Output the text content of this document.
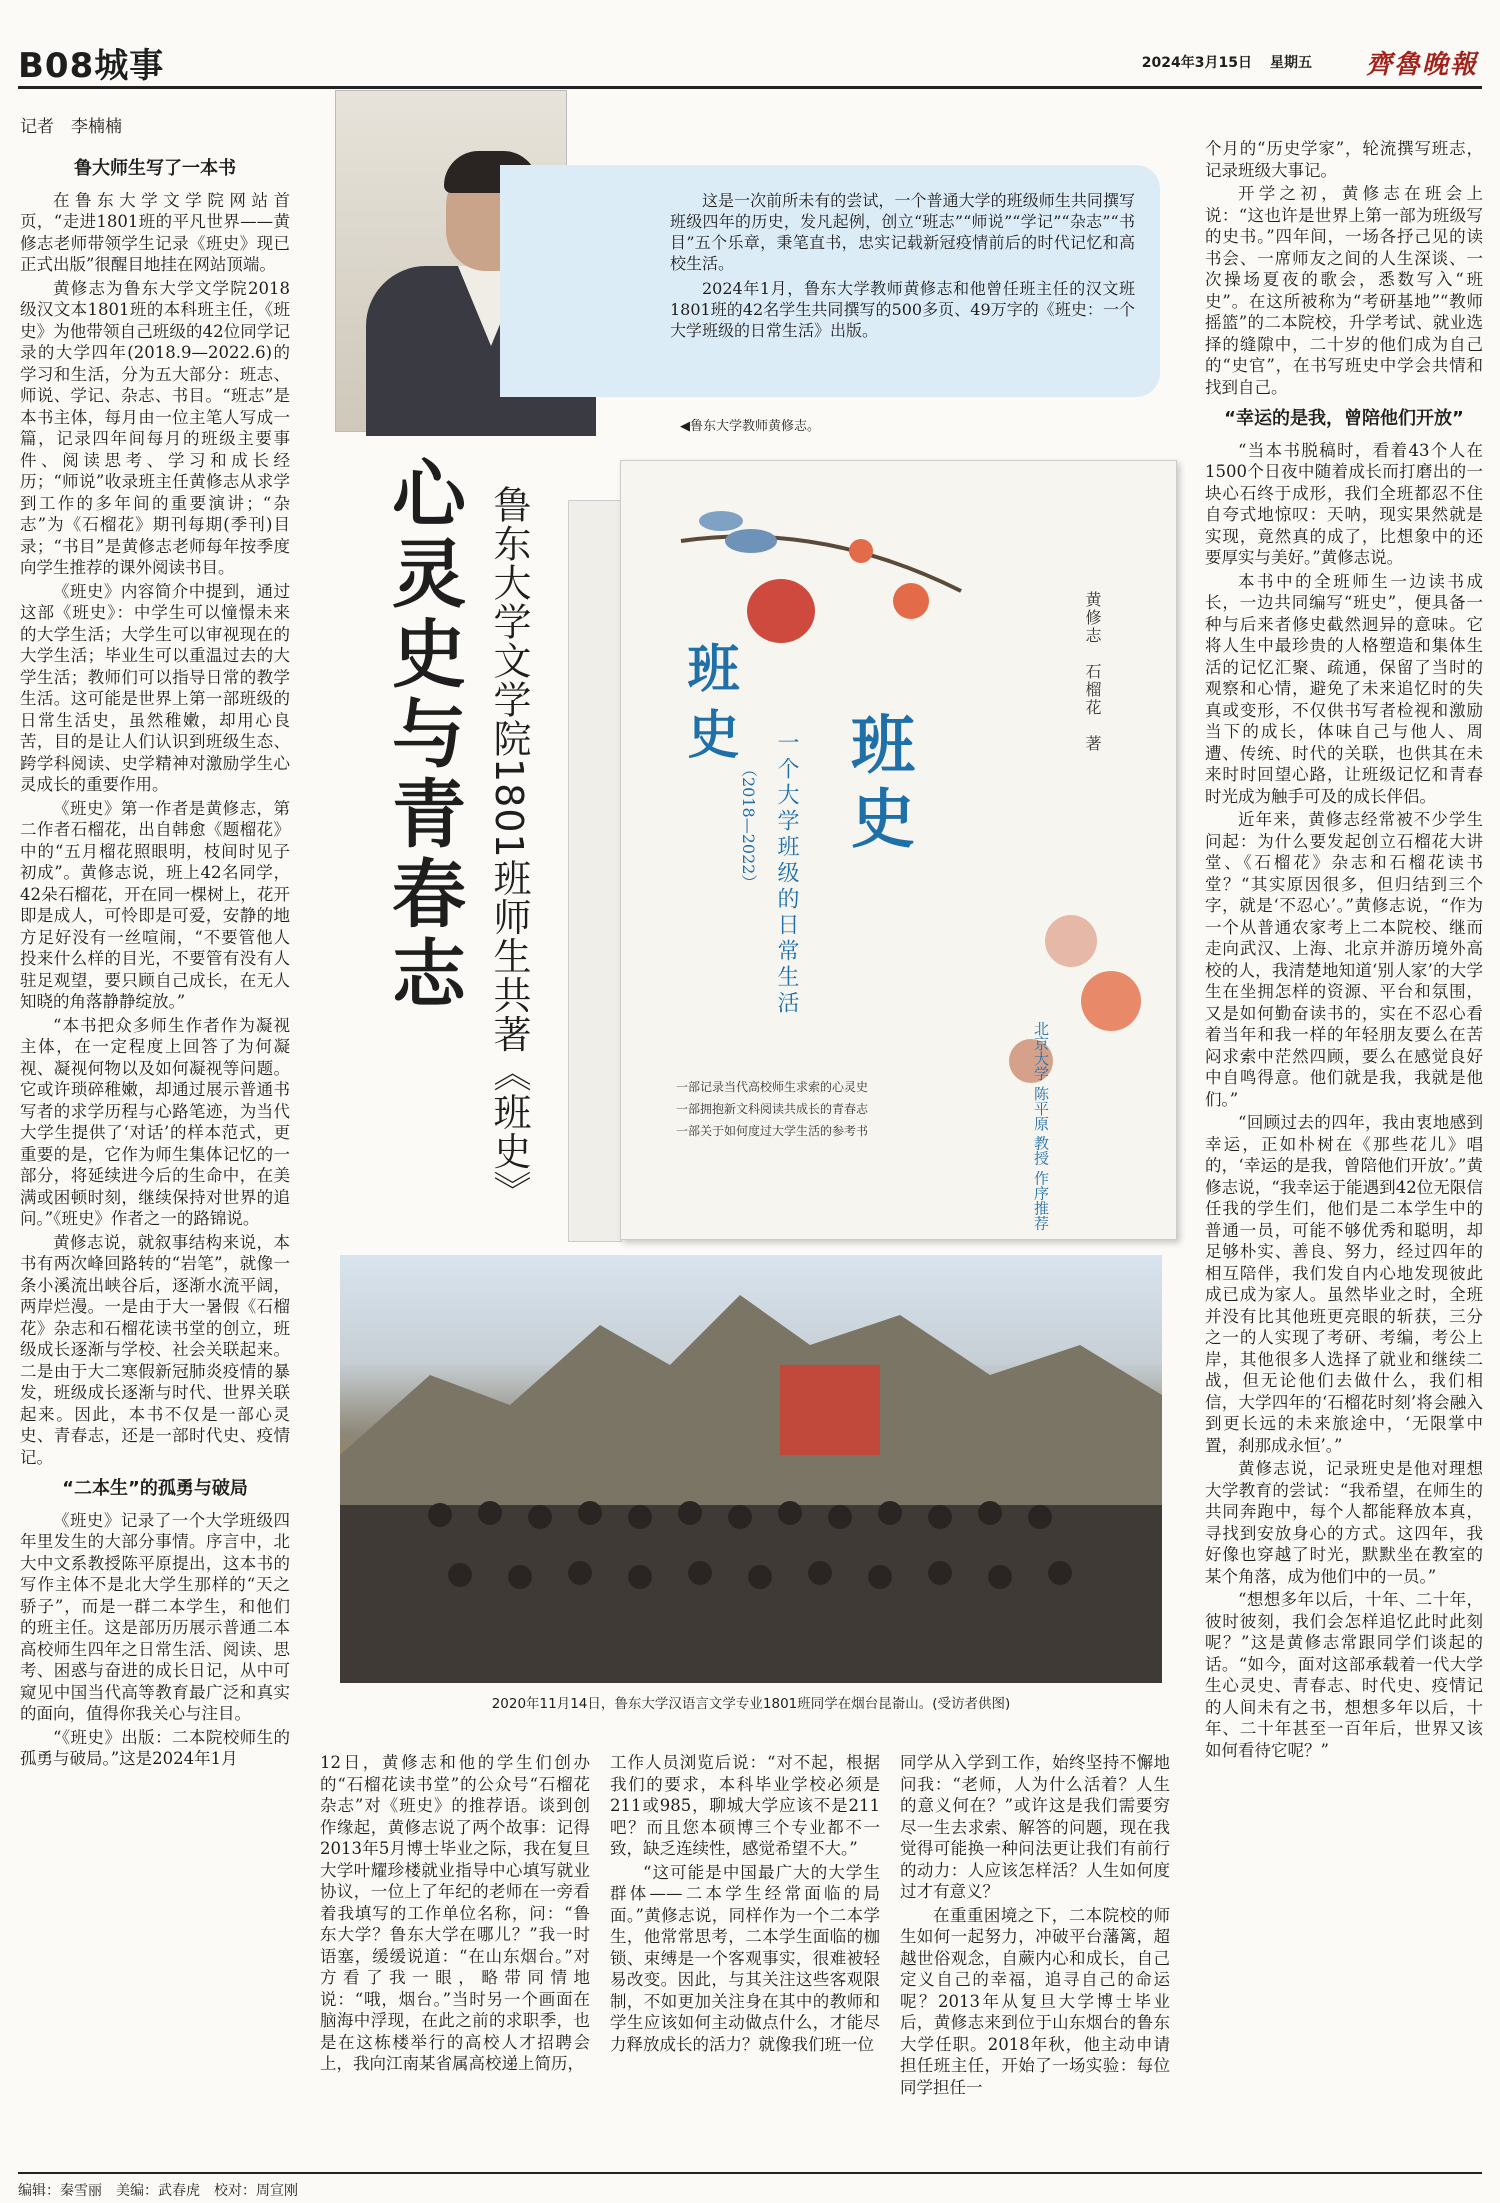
B08城事	2024年3月15日 星期五 齊魯晚報
记者　李楠楠
鲁大师生写了一本书

在鲁东大学文学院网站首页，“走进1801班的平凡世界——黄修志老师带领学生记录《班史》现已正式出版”很醒目地挂在网站顶端。

黄修志为鲁东大学文学院2018级汉文本1801班的本科班主任，《班史》为他带领自己班级的42位同学记录的大学四年(2018.9—2022.6)的学习和生活，分为五大部分：班志、师说、学记、杂志、书目。“班志”是本书主体，每月由一位主笔人写成一篇，记录四年间每月的班级主要事件、阅读思考、学习和成长经历；“师说”收录班主任黄修志从求学到工作的多年间的重要演讲；“杂志”为《石榴花》期刊每期(季刊)目录；“书目”是黄修志老师每年按季度向学生推荐的课外阅读书目。

《班史》内容简介中提到，通过这部《班史》：中学生可以憧憬未来的大学生活；大学生可以审视现在的大学生活；毕业生可以重温过去的大学生活；教师们可以指导日常的教学生活。这可能是世界上第一部班级的日常生活史，虽然稚嫩，却用心良苦，目的是让人们认识到班级生态、跨学科阅读、史学精神对激励学生心灵成长的重要作用。

《班史》第一作者是黄修志，第二作者石榴花，出自韩愈《题榴花》中的“五月榴花照眼明，枝间时见子初成”。黄修志说，班上42名同学，42朵石榴花，开在同一棵树上，花开即是成人，可怜即是可爱，安静的地方足好没有一丝喧闹，“不要管他人投来什么样的目光，不要管有没有人驻足观望，要只顾自己成长，在无人知晓的角落静静绽放。”

“本书把众多师生作者作为凝视主体，在一定程度上回答了为何凝视、凝视何物以及如何凝视等问题。它或许琐碎稚嫩，却通过展示普通书写者的求学历程与心路笔迹，为当代大学生提供了‘对话’的样本范式，更重要的是，它作为师生集体记忆的一部分，将延续进今后的生命中，在美满或困顿时刻，继续保持对世界的追问。”《班史》作者之一的路锦说。

黄修志说，就叙事结构来说，本书有两次峰回路转的“岩笔”，就像一条小溪流出峡谷后，逐渐水流平阔，两岸烂漫。一是由于大一暑假《石榴花》杂志和石榴花读书堂的创立，班级成长逐渐与学校、社会关联起来。二是由于大二寒假新冠肺炎疫情的暴发，班级成长逐渐与时代、世界关联起来。因此，本书不仅是一部心灵史、青春志，还是一部时代史、疫情记。

“二本生”的孤勇与破局

《班史》记录了一个大学班级四年里发生的大部分事情。序言中，北大中文系教授陈平原提出，这本书的写作主体不是北大学生那样的“天之骄子”，而是一群二本学生，和他们的班主任。这是部历历展示普通二本高校师生四年之日常生活、阅读、思考、困惑与奋进的成长日记，从中可窥见中国当代高等教育最广泛和真实的面向，值得你我关心与注目。

“《班史》出版：二本院校师生的孤勇与破局。”这是2024年1月

这是一次前所未有的尝试，一个普通大学的班级师生共同撰写班级四年的历史，发凡起例，创立“班志”“师说”“学记”“杂志”“书目”五个乐章，秉笔直书，忠实记载新冠疫情前后的时代记忆和高校生活。

2024年1月，鲁东大学教师黄修志和他曾任班主任的汉文班1801班的42名学生共同撰写的500多页、49万字的《班史：一个大学班级的日常生活》出版。

◀鲁东大学教师黄修志。
心灵史与青春志 鲁东大学文学院1801班师生共著《班史》	班史
班史
一个大学班级的日常生活
（2018—2022）
黄修志　石榴花　著
北京大学 陈平原 教授 作序推荐
一部记录当代高校师生求索的心灵史
一部拥抱新文科阅读共成长的青春志
一部关于如何度过大学生活的参考书
2020年11月14日，鲁东大学汉语言文学专业1801班同学在烟台昆嵛山。(受访者供图)

12日，黄修志和他的学生们创办的“石榴花读书堂”的公众号“石榴花杂志”对《班史》的推荐语。谈到创作缘起，黄修志说了两个故事：记得2013年5月博士毕业之际，我在复旦大学叶耀珍楼就业指导中心填写就业协议，一位上了年纪的老师在一旁看着我填写的工作单位名称，问：“鲁东大学？鲁东大学在哪儿？”我一时语塞，缓缓说道：“在山东烟台。”对方看了我一眼，略带同情地说：“哦，烟台。”当时另一个画面在脑海中浮现，在此之前的求职季，也是在这栋楼举行的高校人才招聘会上，我向江南某省属高校递上简历，

工作人员浏览后说：“对不起，根据我们的要求，本科毕业学校必须是211或985，聊城大学应该不是211吧？而且您本硕博三个专业都不一致，缺乏连续性，感觉希望不大。”

“这可能是中国最广大的大学生群体——二本学生经常面临的局面。”黄修志说，同样作为一个二本学生，他常常思考，二本学生面临的枷锁、束缚是一个客观事实，很难被轻易改变。因此，与其关注这些客观限制，不如更加关注身在其中的教师和学生应该如何主动做点什么，才能尽力释放成长的活力？就像我们班一位

同学从入学到工作，始终坚持不懈地问我：“老师，人为什么活着？人生的意义何在？”或许这是我们需要穷尽一生去求索、解答的问题，现在我觉得可能换一种问法更让我们有前行的动力：人应该怎样活？人生如何度过才有意义？

在重重困境之下，二本院校的师生如何一起努力，冲破平台藩篱，超越世俗观念，自蕨内心和成长，自己定义自己的幸福，追寻自己的命运呢？2013年从复旦大学博士毕业后，黄修志来到位于山东烟台的鲁东大学任职。2018年秋，他主动申请担任班主任，开始了一场实验：每位同学担任一

个月的“历史学家”，轮流撰写班志，记录班级大事记。

开学之初，黄修志在班会上说：“这也许是世界上第一部为班级写的史书。”四年间，一场各抒己见的读书会、一席师友之间的人生深谈、一次操场夏夜的歌会，悉数写入“班史”。在这所被称为“考研基地”“教师摇篮”的二本院校，升学考试、就业选择的缝隙中，二十岁的他们成为自己的“史官”，在书写班史中学会共情和找到自己。

“幸运的是我，曾陪他们开放”

“当本书脱稿时，看着43个人在1500个日夜中随着成长而打磨出的一块心石终于成形，我们全班都忍不住自夸式地惊叹：天呐，现实果然就是实现，竟然真的成了，比想象中的还要厚实与美好。”黄修志说。

本书中的全班师生一边读书成长，一边共同编写“班史”，便具备一种与后来者修史截然迥异的意味。它将人生中最珍贵的人格塑造和集体生活的记忆汇聚、疏通，保留了当时的观察和心情，避免了未来追忆时的失真或变形，不仅供书写者检视和激励当下的成长，体味自己与他人、周遭、传统、时代的关联，也供其在未来时时回望心路，让班级记忆和青春时光成为触手可及的成长伴侣。

近年来，黄修志经常被不少学生问起：为什么要发起创立石榴花大讲堂、《石榴花》杂志和石榴花读书堂？“其实原因很多，但归结到三个字，就是‘不忍心’。”黄修志说，“作为一个从普通农家考上二本院校、继而走向武汉、上海、北京并游历境外高校的人，我清楚地知道‘别人家’的大学生在坐拥怎样的资源、平台和氛围，又是如何勤奋读书的，实在不忍心看着当年和我一样的年轻朋友要么在苦闷求索中茫然四顾，要么在感觉良好中自鸣得意。他们就是我，我就是他们。”

“回顾过去的四年，我由衷地感到幸运，正如朴树在《那些花儿》唱的，‘幸运的是我，曾陪他们开放’。”黄修志说，“我幸运于能遇到42位无限信任我的学生们，他们是二本学生中的普通一员，可能不够优秀和聪明，却足够朴实、善良、努力，经过四年的相互陪伴，我们发自内心地发现彼此成已成为家人。虽然毕业之时，全班并没有比其他班更亮眼的斩获，三分之一的人实现了考研、考编，考公上岸，其他很多人选择了就业和继续二战，但无论他们去做什么，我们相信，大学四年的‘石榴花时刻’将会融入到更长远的未来旅途中，‘无限掌中置，刹那成永恒’。”

黄修志说，记录班史是他对理想大学教育的尝试：“我希望，在师生的共同奔跑中，每个人都能释放本真，寻找到安放身心的方式。这四年，我好像也穿越了时光，默默坐在教室的某个角落，成为他们中的一员。”

“想想多年以后，十年、二十年，彼时彼刻，我们会怎样追忆此时此刻呢？”这是黄修志常跟同学们谈起的话。“如今，面对这部承载着一代大学生心灵史、青春志、时代史、疫情记的人间未有之书，想想多年以后，十年、二十年甚至一百年后，世界又该如何看待它呢？”

编辑：秦雪丽　美编：武春虎　校对：周宣刚
